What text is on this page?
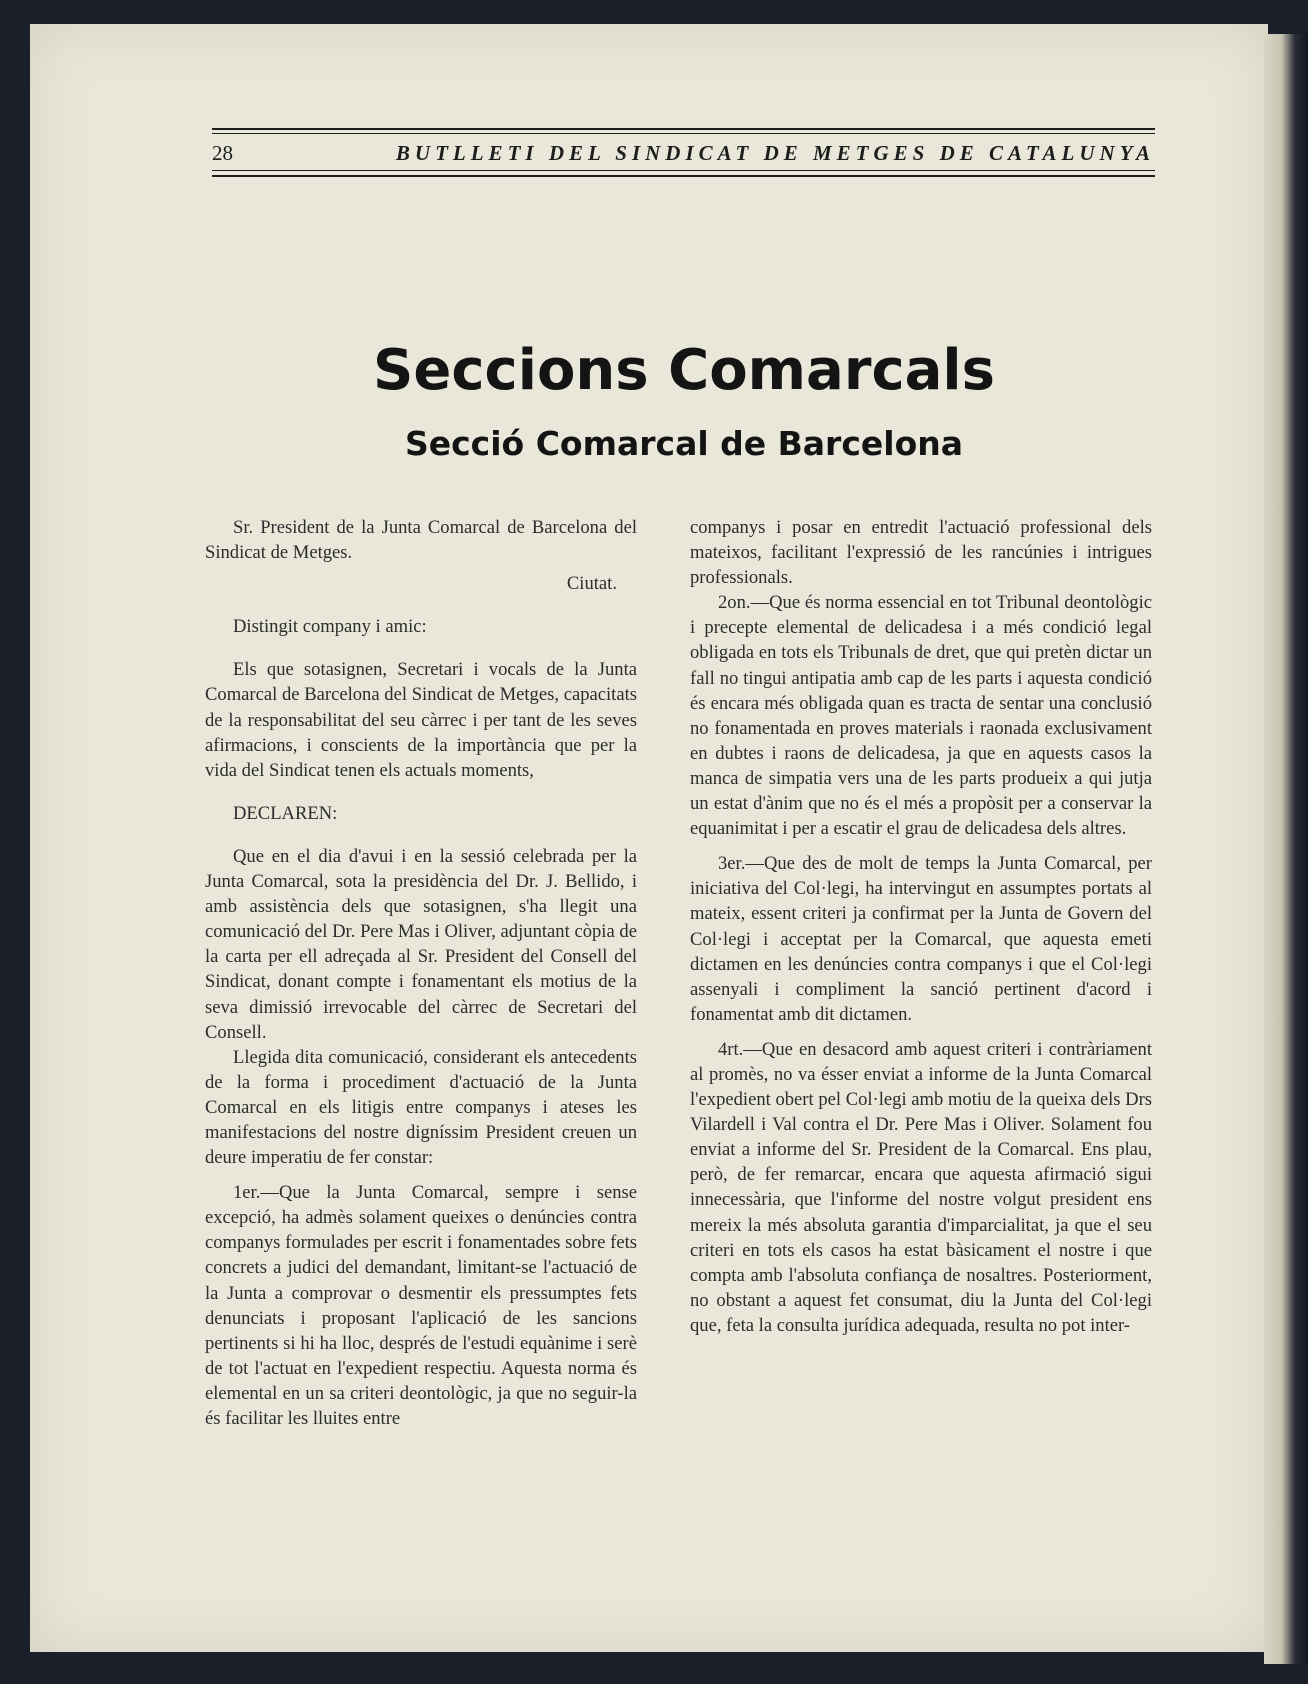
28	BUTLLETI DEL SINDICAT DE METGES DE CATALUNYA
Seccions Comarcals
Secció Comarcal de Barcelona

Sr. President de la Junta Comarcal de Barcelona del Sindicat de Metges.

Ciutat.

Distingit company i amic:

Els que sotasignen, Secretari i vocals de la Junta Comarcal de Barcelona del Sindicat de Metges, capacitats de la responsabilitat del seu càrrec i per tant de les seves afirmacions, i conscients de la importància que per la vida del Sindicat tenen els actuals moments,

DECLAREN:

Que en el dia d'avui i en la sessió celebrada per la Junta Comarcal, sota la presidència del Dr. J. Bellido, i amb assistència dels que sotasignen, s'ha llegit una comunicació del Dr. Pere Mas i Oliver, adjuntant còpia de la carta per ell adreçada al Sr. President del Consell del Sindicat, donant compte i fonamentant els motius de la seva dimissió irrevocable del càrrec de Secretari del Consell.

Llegida dita comunicació, considerant els antecedents de la forma i procediment d'actuació de la Junta Comarcal en els litigis entre companys i ateses les manifestacions del nostre digníssim President creuen un deure imperatiu de fer constar:

1er.—Que la Junta Comarcal, sempre i sense excepció, ha admès solament queixes o denúncies contra companys formulades per escrit i fonamentades sobre fets concrets a judici del demandant, limitant-se l'actuació de la Junta a comprovar o desmentir els pressumptes fets denunciats i proposant l'aplicació de les sancions pertinents si hi ha lloc, després de l'estudi equànime i serè de tot l'actuat en l'expedient respectiu. Aquesta norma és elemental en un sa criteri deontològic, ja que no seguir-la és facilitar les lluites entre

companys i posar en entredit l'actuació professional dels mateixos, facilitant l'expressió de les rancúnies i intrigues professionals.

2on.—Que és norma essencial en tot Tribunal deontològic i precepte elemental de delicadesa i a més condició legal obligada en tots els Tribunals de dret, que qui pretèn dictar un fall no tingui antipatia amb cap de les parts i aquesta condició és encara més obligada quan es tracta de sentar una conclusió no fonamentada en proves materials i raonada exclusivament en dubtes i raons de delicadesa, ja que en aquests casos la manca de simpatia vers una de les parts produeix a qui jutja un estat d'ànim que no és el més a propòsit per a conservar la equanimitat i per a escatir el grau de delicadesa dels altres.

3er.—Que des de molt de temps la Junta Comarcal, per iniciativa del Col·legi, ha intervingut en assumptes portats al mateix, essent criteri ja confirmat per la Junta de Govern del Col·legi i acceptat per la Comarcal, que aquesta emeti dictamen en les denúncies contra companys i que el Col·legi assenyali i compliment la sanció pertinent d'acord i fonamentat amb dit dictamen.

4rt.—Que en desacord amb aquest criteri i contràriament al promès, no va ésser enviat a informe de la Junta Comarcal l'expedient obert pel Col·legi amb motiu de la queixa dels Drs Vilardell i Val contra el Dr. Pere Mas i Oliver. Solament fou enviat a informe del Sr. President de la Comarcal. Ens plau, però, de fer remarcar, encara que aquesta afirmació sigui innecessària, que l'informe del nostre volgut president ens mereix la més absoluta garantia d'imparcialitat, ja que el seu criteri en tots els casos ha estat bàsicament el nostre i que compta amb l'absoluta confiança de nosaltres. Posteriorment, no obstant a aquest fet consumat, diu la Junta del Col·legi que, feta la consulta jurídica adequada, resulta no pot inter-
